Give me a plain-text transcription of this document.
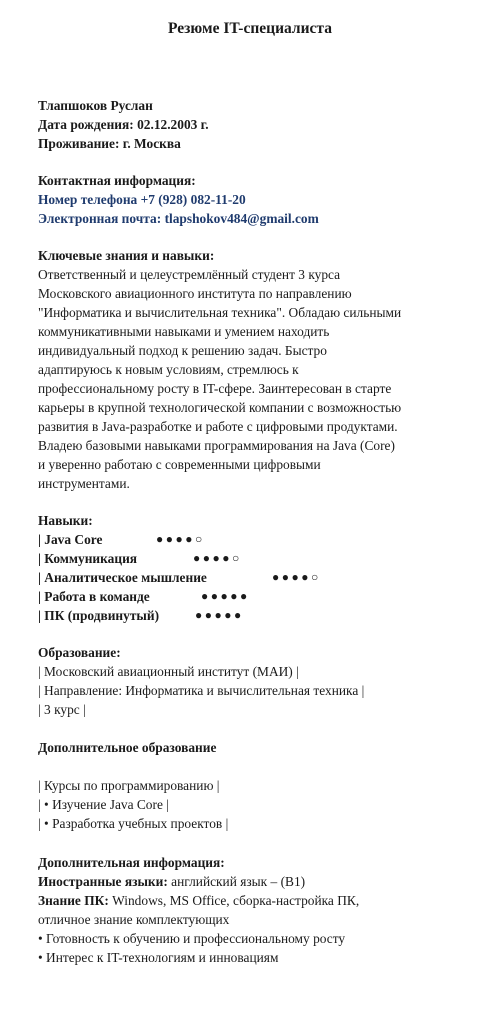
Резюме IT-специалиста
Тлапшоков Руслан
Дата рождения: 02.12.2003 г.
Проживание: г. Москва
Контактная информация:
Номер телефона +7 (928) 082-11-20
Электронная почта: tlapshokov484@gmail.com
Ключевые знания и навыки:
Ответственный и целеустремлённый студент 3 курса
Московского авиационного института по направлению
"Информатика и вычислительная техника". Обладаю сильными
коммуникативными навыками и умением находить
индивидуальный подход к решению задач. Быстро
адаптируюсь к новым условиям, стремлюсь к
профессиональному росту в IT-сфере. Заинтересован в старте
карьеры в крупной технологической компании с возможностью
развития в Java-разработке и работе с цифровыми продуктами.
Владею базовыми навыками программирования на Java (Core)
и уверенно работаю с современными цифровыми
инструментами.
Навыки:
| Java Core	●●●●○
| Коммуникация	●●●●○
| Аналитическое мышление	●●●●○
| Работа в команде	●●●●●
| ПК (продвинутый)	●●●●●
Образование:
| Московский авиационный институт (МАИ) |
| Направление: Информатика и вычислительная техника |
| 3 курс |
Дополнительное образование
| Курсы по программированию |
| • Изучение Java Core |
| • Разработка учебных проектов |
Дополнительная информация:
Иностранные языки: английский язык – (B1)
Знание ПК: Windows, MS Office, сборка-настройка ПК,
отличное знание комплектующих
• Готовность к обучению и профессиональному росту
• Интерес к IT-технологиям и инновациям
